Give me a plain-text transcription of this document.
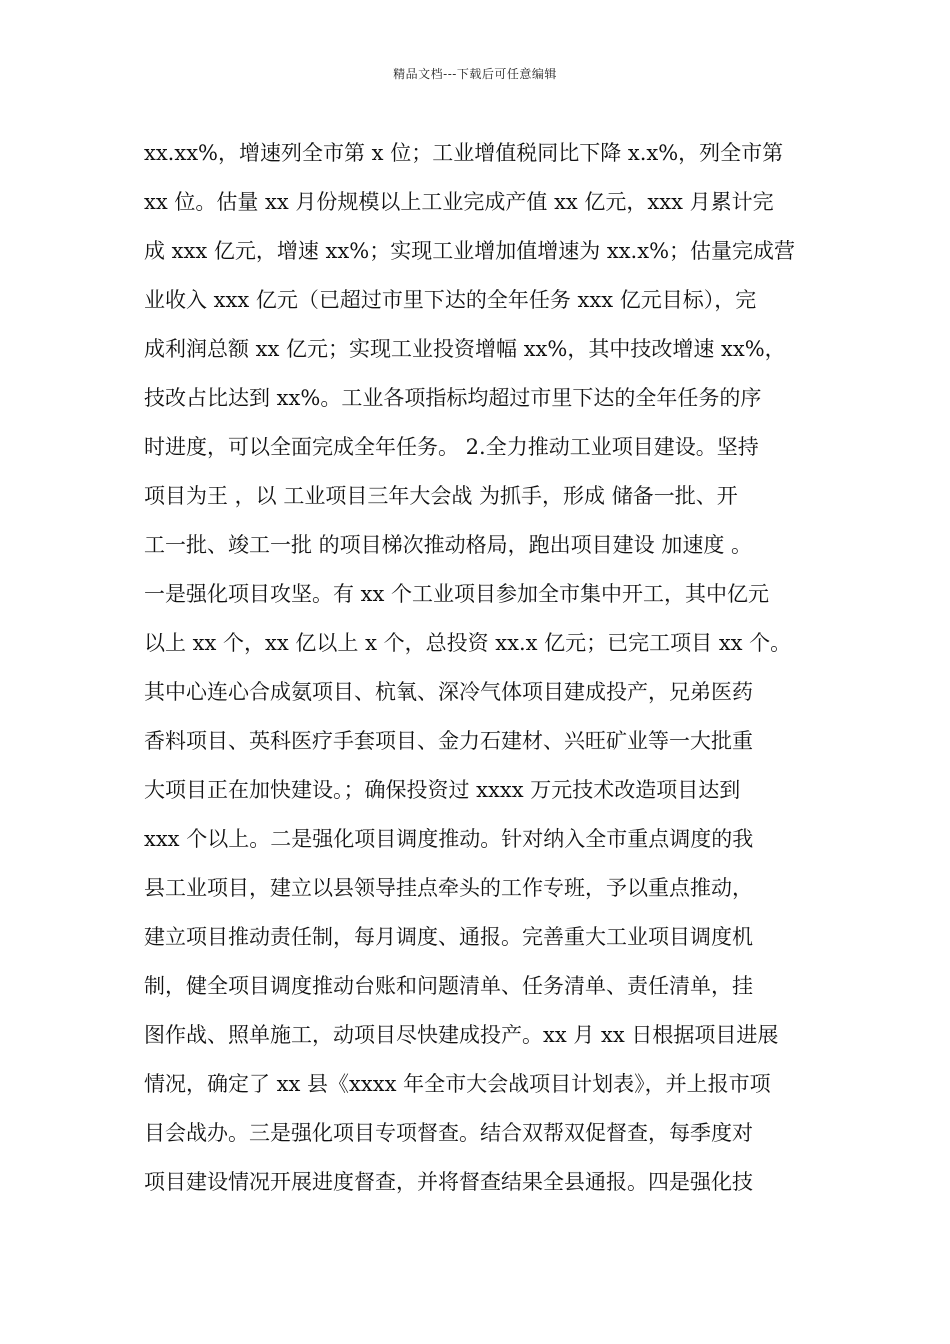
精品文档---下载后可任意编辑
xx.xx%，增速列全市第 x 位；工业增值税同比下降 x.x%，列全市第
xx 位。估量 xx 月份规模以上工业完成产值 xx 亿元，xxx 月累计完
成 xxx 亿元，增速 xx%；实现工业增加值增速为 xx.x%；估量完成营
业收入 xxx 亿元（已超过市里下达的全年任务 xxx 亿元目标），完
成利润总额 xx 亿元；实现工业投资增幅 xx%，其中技改增速 xx%，
技改占比达到 xx%。工业各项指标均超过市里下达的全年任务的序
时进度，可以全面完成全年任务。 2.全力推动工业项目建设。坚持
项目为王 ，以 工业项目三年大会战 为抓手，形成 储备一批、开
工一批、竣工一批 的项目梯次推动格局，跑出项目建设 加速度 。
一是强化项目攻坚。有 xx 个工业项目参加全市集中开工，其中亿元
以上 xx 个，xx 亿以上 x 个，总投资 xx.x 亿元；已完工项目 xx 个。
其中心连心合成氨项目、杭氧、深冷气体项目建成投产，兄弟医药
香料项目、英科医疗手套项目、金力石建材、兴旺矿业等一大批重
大项目正在加快建设。；确保投资过 xxxx 万元技术改造项目达到
xxx 个以上。二是强化项目调度推动。针对纳入全市重点调度的我
县工业项目，建立以县领导挂点牵头的工作专班，予以重点推动，
建立项目推动责任制，每月调度、通报。完善重大工业项目调度机
制，健全项目调度推动台账和问题清单、任务清单、责任清单，挂
图作战、照单施工，动项目尽快建成投产。xx 月 xx 日根据项目进展
情况，确定了 xx 县《xxxx 年全市大会战项目计划表》，并上报市项
目会战办。三是强化项目专项督查。结合双帮双促督查，每季度对
项目建设情况开展进度督查，并将督查结果全县通报。四是强化技
